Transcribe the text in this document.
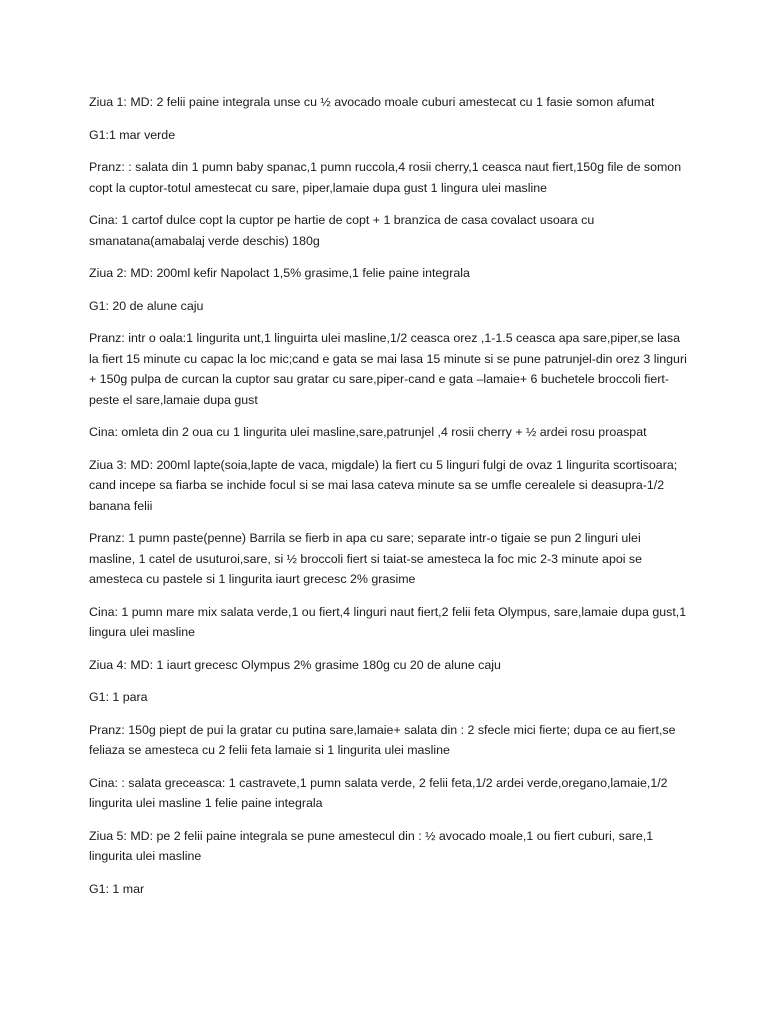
Ziua 1: MD: 2 felii paine integrala unse cu ½ avocado moale cuburi amestecat cu 1 fasie somon afumat

G1:1 mar verde

Pranz: : salata din 1 pumn baby spanac,1 pumn ruccola,4 rosii cherry,1 ceasca naut fiert,150g file de somon copt la cuptor-totul amestecat cu sare, piper,lamaie dupa gust 1 lingura ulei masline

Cina: 1 cartof dulce copt la cuptor pe hartie de copt + 1 branzica de casa covalact usoara cu smanatana(amabalaj verde deschis) 180g

Ziua 2: MD: 200ml kefir Napolact 1,5% grasime,1 felie paine integrala

G1: 20 de alune caju

Pranz: intr o oala:1 lingurita unt,1 linguirta ulei masline,1/2 ceasca orez ,1-1.5 ceasca apa sare,piper,se lasa la fiert 15 minute cu capac la loc mic;cand e gata se mai lasa 15 minute si se pune patrunjel-din orez 3 linguri + 150g pulpa de curcan la cuptor sau gratar cu sare,piper-cand e gata –lamaie+ 6 buchetele broccoli fiert-peste el sare,lamaie dupa gust

Cina: omleta din 2 oua cu 1 lingurita ulei masline,sare,patrunjel ,4 rosii cherry + ½ ardei rosu proaspat

Ziua 3: MD: 200ml lapte(soia,lapte de vaca, migdale) la fiert cu 5 linguri fulgi de ovaz 1 lingurita scortisoara; cand incepe sa fiarba se inchide focul si se mai lasa cateva minute sa se umfle cerealele si deasupra-1/2 banana felii

Pranz: 1 pumn paste(penne) Barrila se fierb in apa cu sare; separate intr-o tigaie se pun 2 linguri ulei masline, 1 catel de usuturoi,sare, si ½ broccoli fiert si taiat-se amesteca la foc mic 2-3 minute apoi se amesteca cu pastele si 1 lingurita iaurt grecesc 2% grasime

Cina: 1 pumn mare mix salata verde,1 ou fiert,4 linguri naut fiert,2 felii feta Olympus, sare,lamaie dupa gust,1 lingura ulei masline

Ziua 4: MD: 1 iaurt grecesc Olympus 2% grasime 180g cu 20 de alune caju

G1: 1 para

Pranz: 150g piept de pui la gratar cu putina sare,lamaie+ salata din : 2 sfecle mici fierte; dupa ce au fiert,se feliaza se amesteca cu 2 felii feta lamaie si 1 lingurita ulei masline

Cina: : salata greceasca: 1 castravete,1 pumn salata verde, 2 felii feta,1/2 ardei verde,oregano,lamaie,1/2 lingurita ulei masline 1 felie paine integrala

Ziua 5: MD: pe 2 felii paine integrala se pune amestecul din : ½ avocado moale,1 ou fiert cuburi, sare,1 lingurita ulei masline

G1: 1 mar
